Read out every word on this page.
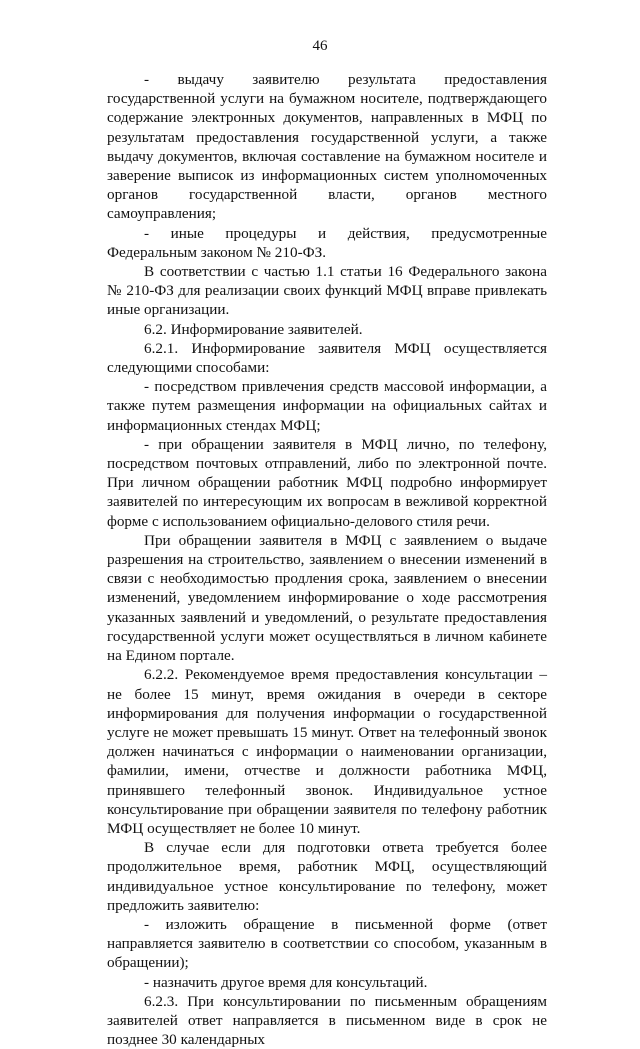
46

- выдачу заявителю результата предоставления государственной услуги на бумажном носителе, подтверждающего содержание электронных документов, направленных в МФЦ по результатам предоставления государственной услуги, а также выдачу документов, включая составление на бумажном носителе и заверение выписок из информационных систем уполномоченных органов государственной власти, органов местного самоуправления;

- иные процедуры и действия, предусмотренные Федеральным законом № 210-ФЗ.

В соответствии с частью 1.1 статьи 16 Федерального закона № 210-ФЗ для реализации своих функций МФЦ вправе привлекать иные организации.

6.2. Информирование заявителей.

6.2.1. Информирование заявителя МФЦ осуществляется следующими способами:

- посредством привлечения средств массовой информации, а также путем размещения информации на официальных сайтах и информационных стендах МФЦ;

- при обращении заявителя в МФЦ лично, по телефону, посредством почтовых отправлений, либо по электронной почте. При личном обращении работник МФЦ подробно информирует заявителей по интересующим их вопросам в вежливой корректной форме с использованием официально-делового стиля речи.

При обращении заявителя в МФЦ с заявлением о выдаче разрешения на строительство, заявлением о внесении изменений в связи с необходимостью продления срока, заявлением о внесении изменений, уведомлением информирование о ходе рассмотрения указанных заявлений и уведомлений, о результате предоставления государственной услуги может осуществляться в личном кабинете на Едином портале.

6.2.2. Рекомендуемое время предоставления консультации – не более 15 минут, время ожидания в очереди в секторе информирования для получения информации о государственной услуге не может превышать 15 минут. Ответ на телефонный звонок должен начинаться с информации о наименовании организации, фамилии, имени, отчестве и должности работника МФЦ, принявшего телефонный звонок. Индивидуальное устное консультирование при обращении заявителя по телефону работник МФЦ осуществляет не более 10 минут.

В случае если для подготовки ответа требуется более продолжительное время, работник МФЦ, осуществляющий индивидуальное устное консультирование по телефону, может предложить заявителю:

- изложить обращение в письменной форме (ответ направляется заявителю в соответствии со способом, указанным в обращении);

- назначить другое время для консультаций.

6.2.3. При консультировании по письменным обращениям заявителей ответ направляется в письменном виде в срок не позднее 30 календарных
